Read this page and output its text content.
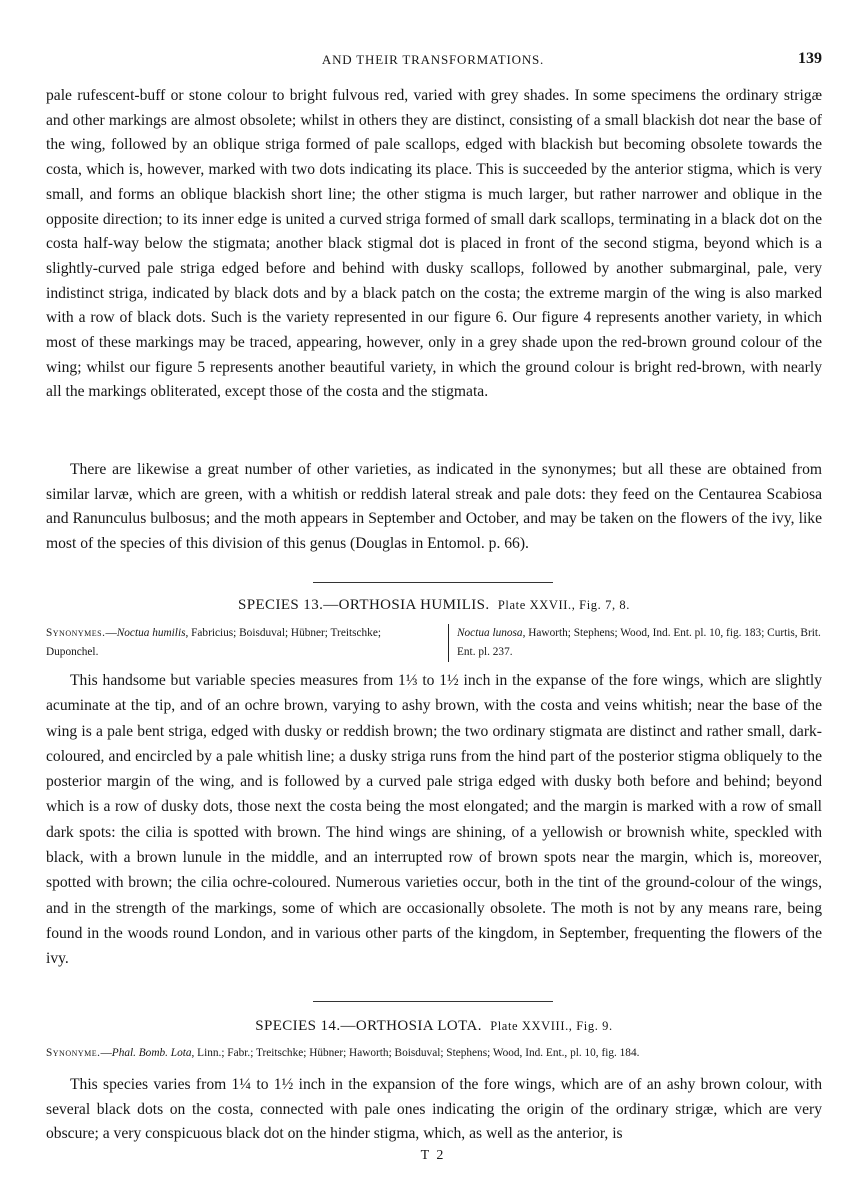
AND THEIR TRANSFORMATIONS.	139

pale rufescent-buff or stone colour to bright fulvous red, varied with grey shades. In some specimens the ordinary strigæ and other markings are almost obsolete; whilst in others they are distinct, consisting of a small blackish dot near the base of the wing, followed by an oblique striga formed of pale scallops, edged with blackish but becoming obsolete towards the costa, which is, however, marked with two dots indicating its place. This is succeeded by the anterior stigma, which is very small, and forms an oblique blackish short line; the other stigma is much larger, but rather narrower and oblique in the opposite direction; to its inner edge is united a curved striga formed of small dark scallops, terminating in a black dot on the costa half-way below the stigmata; another black stigmal dot is placed in front of the second stigma, beyond which is a slightly-curved pale striga edged before and behind with dusky scallops, followed by another submarginal, pale, very indistinct striga, indicated by black dots and by a black patch on the costa; the extreme margin of the wing is also marked with a row of black dots. Such is the variety represented in our figure 6. Our figure 4 represents another variety, in which most of these markings may be traced, appearing, however, only in a grey shade upon the red-brown ground colour of the wing; whilst our figure 5 represents another beautiful variety, in which the ground colour is bright red-brown, with nearly all the markings obliterated, except those of the costa and the stigmata.

There are likewise a great number of other varieties, as indicated in the synonymes; but all these are obtained from similar larvæ, which are green, with a whitish or reddish lateral streak and pale dots: they feed on the Centaurea Scabiosa and Ranunculus bulbosus; and the moth appears in September and October, and may be taken on the flowers of the ivy, like most of the species of this division of this genus (Douglas in Entomol. p. 66).

SPECIES 13.—ORTHOSIA HUMILIS. Plate XXVII., Fig. 7, 8.
Synonymes.—Noctua humilis, Fabricius; Boisduval; Hübner; Treitschke; Duponchel.
Noctua lunosa, Haworth; Stephens; Wood, Ind. Ent. pl. 10, fig. 183; Curtis, Brit. Ent. pl. 237.

This handsome but variable species measures from 1⅓ to 1½ inch in the expanse of the fore wings, which are slightly acuminate at the tip, and of an ochre brown, varying to ashy brown, with the costa and veins whitish; near the base of the wing is a pale bent striga, edged with dusky or reddish brown; the two ordinary stigmata are distinct and rather small, dark-coloured, and encircled by a pale whitish line; a dusky striga runs from the hind part of the posterior stigma obliquely to the posterior margin of the wing, and is followed by a curved pale striga edged with dusky both before and behind; beyond which is a row of dusky dots, those next the costa being the most elongated; and the margin is marked with a row of small dark spots: the cilia is spotted with brown. The hind wings are shining, of a yellowish or brownish white, speckled with black, with a brown lunule in the middle, and an interrupted row of brown spots near the margin, which is, moreover, spotted with brown; the cilia ochre-coloured. Numerous varieties occur, both in the tint of the ground-colour of the wings, and in the strength of the markings, some of which are occasionally obsolete. The moth is not by any means rare, being found in the woods round London, and in various other parts of the kingdom, in September, frequenting the flowers of the ivy.

SPECIES 14.—ORTHOSIA LOTA. Plate XXVIII., Fig. 9.
Synonyme.—Phal. Bomb. Lota, Linn.; Fabr.; Treitschke; Hübner; Haworth; Boisduval; Stephens; Wood, Ind. Ent., pl. 10, fig. 184.

This species varies from 1¼ to 1½ inch in the expansion of the fore wings, which are of an ashy brown colour, with several black dots on the costa, connected with pale ones indicating the origin of the ordinary strigæ, which are very obscure; a very conspicuous black dot on the hinder stigma, which, as well as the anterior, is

T 2
